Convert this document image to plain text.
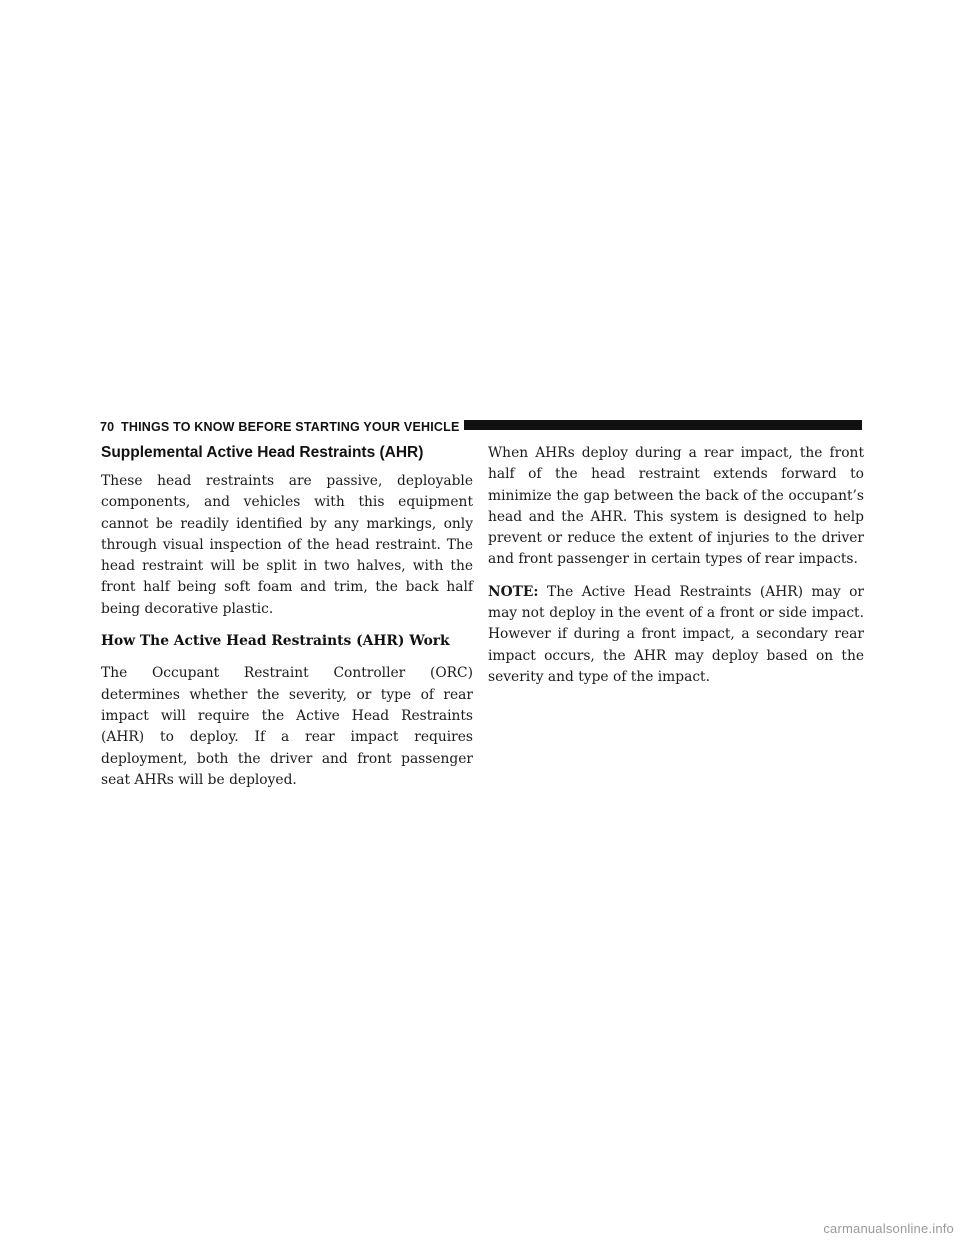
70 THINGS TO KNOW BEFORE STARTING YOUR VEHICLE
Supplemental Active Head Restraints (AHR)

These head restraints are passive, deployable components, and vehicles with this equipment cannot be readily identified by any markings, only through visual inspection of the head restraint. The head restraint will be split in two halves, with the front half being soft foam and trim, the back half being decorative plastic.

How The Active Head Restraints (AHR) Work

The Occupant Restraint Controller (ORC) determines whether the severity, or type of rear impact will require the Active Head Restraints (AHR) to deploy. If a rear impact requires deployment, both the driver and front passenger seat AHRs will be deployed.

When AHRs deploy during a rear impact, the front half of the head restraint extends forward to minimize the gap between the back of the occupant’s head and the AHR. This system is designed to help prevent or reduce the extent of injuries to the driver and front passenger in certain types of rear impacts.

NOTE: The Active Head Restraints (AHR) may or may not deploy in the event of a front or side impact. However if during a front impact, a secondary rear impact occurs, the AHR may deploy based on the severity and type of the impact.

carmanualsonline.info
